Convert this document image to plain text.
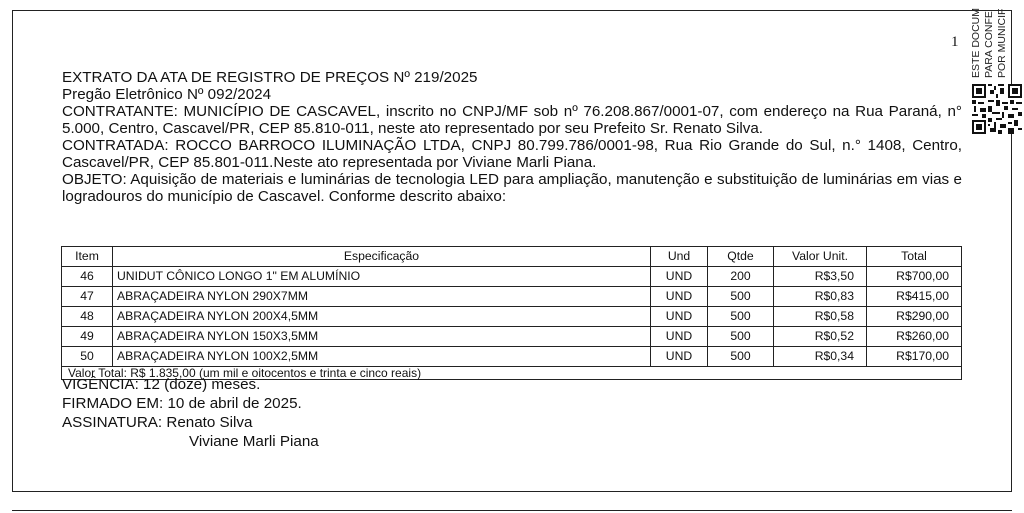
1 ESTE DOCUM PARA CONFE POR MUNICIF

EXTRATO DA ATA DE REGISTRO DE PREÇOS Nº 219/2025

Pregão Eletrônico Nº 092/2024

CONTRATANTE: MUNICÍPIO DE CASCAVEL, inscrito no CNPJ/MF sob nº 76.208.867/0001-07, com endereço na Rua Paraná, n° 5.000, Centro, Cascavel/PR, CEP 85.810-011, neste ato representado por seu Prefeito Sr. Renato Silva.

CONTRATADA: ROCCO BARROCO ILUMINAÇÃO LTDA, CNPJ 80.799.786/0001-98, Rua Rio Grande do Sul, n.° 1408, Centro, Cascavel/PR, CEP 85.801-011.Neste ato representada por Viviane Marli Piana.

OBJETO: Aquisição de materiais e luminárias de tecnologia LED para ampliação, manutenção e substituição de luminárias em vias e logradouros do município de Cascavel. Conforme descrito abaixo:

Item	Especificação	Und	Qtde	Valor Unit.	Total
46	UNIDUT CÔNICO LONGO 1" EM ALUMÍNIO	UND	200	R$3,50	R$700,00
47	ABRAÇADEIRA NYLON 290X7MM	UND	500	R$0,83	R$415,00
48	ABRAÇADEIRA NYLON 200X4,5MM	UND	500	R$0,58	R$290,00
49	ABRAÇADEIRA NYLON 150X3,5MM	UND	500	R$0,52	R$260,00
50	ABRAÇADEIRA NYLON 100X2,5MM	UND	500	R$0,34	R$170,00
Valor Total: R$ 1.835,00 (um mil e oitocentos e trinta e cinco reais)					

VIGÊNCIA: 12 (doze) meses.

FIRMADO EM: 10 de abril de 2025.

ASSINATURA: Renato Silva

Viviane Marli Piana
